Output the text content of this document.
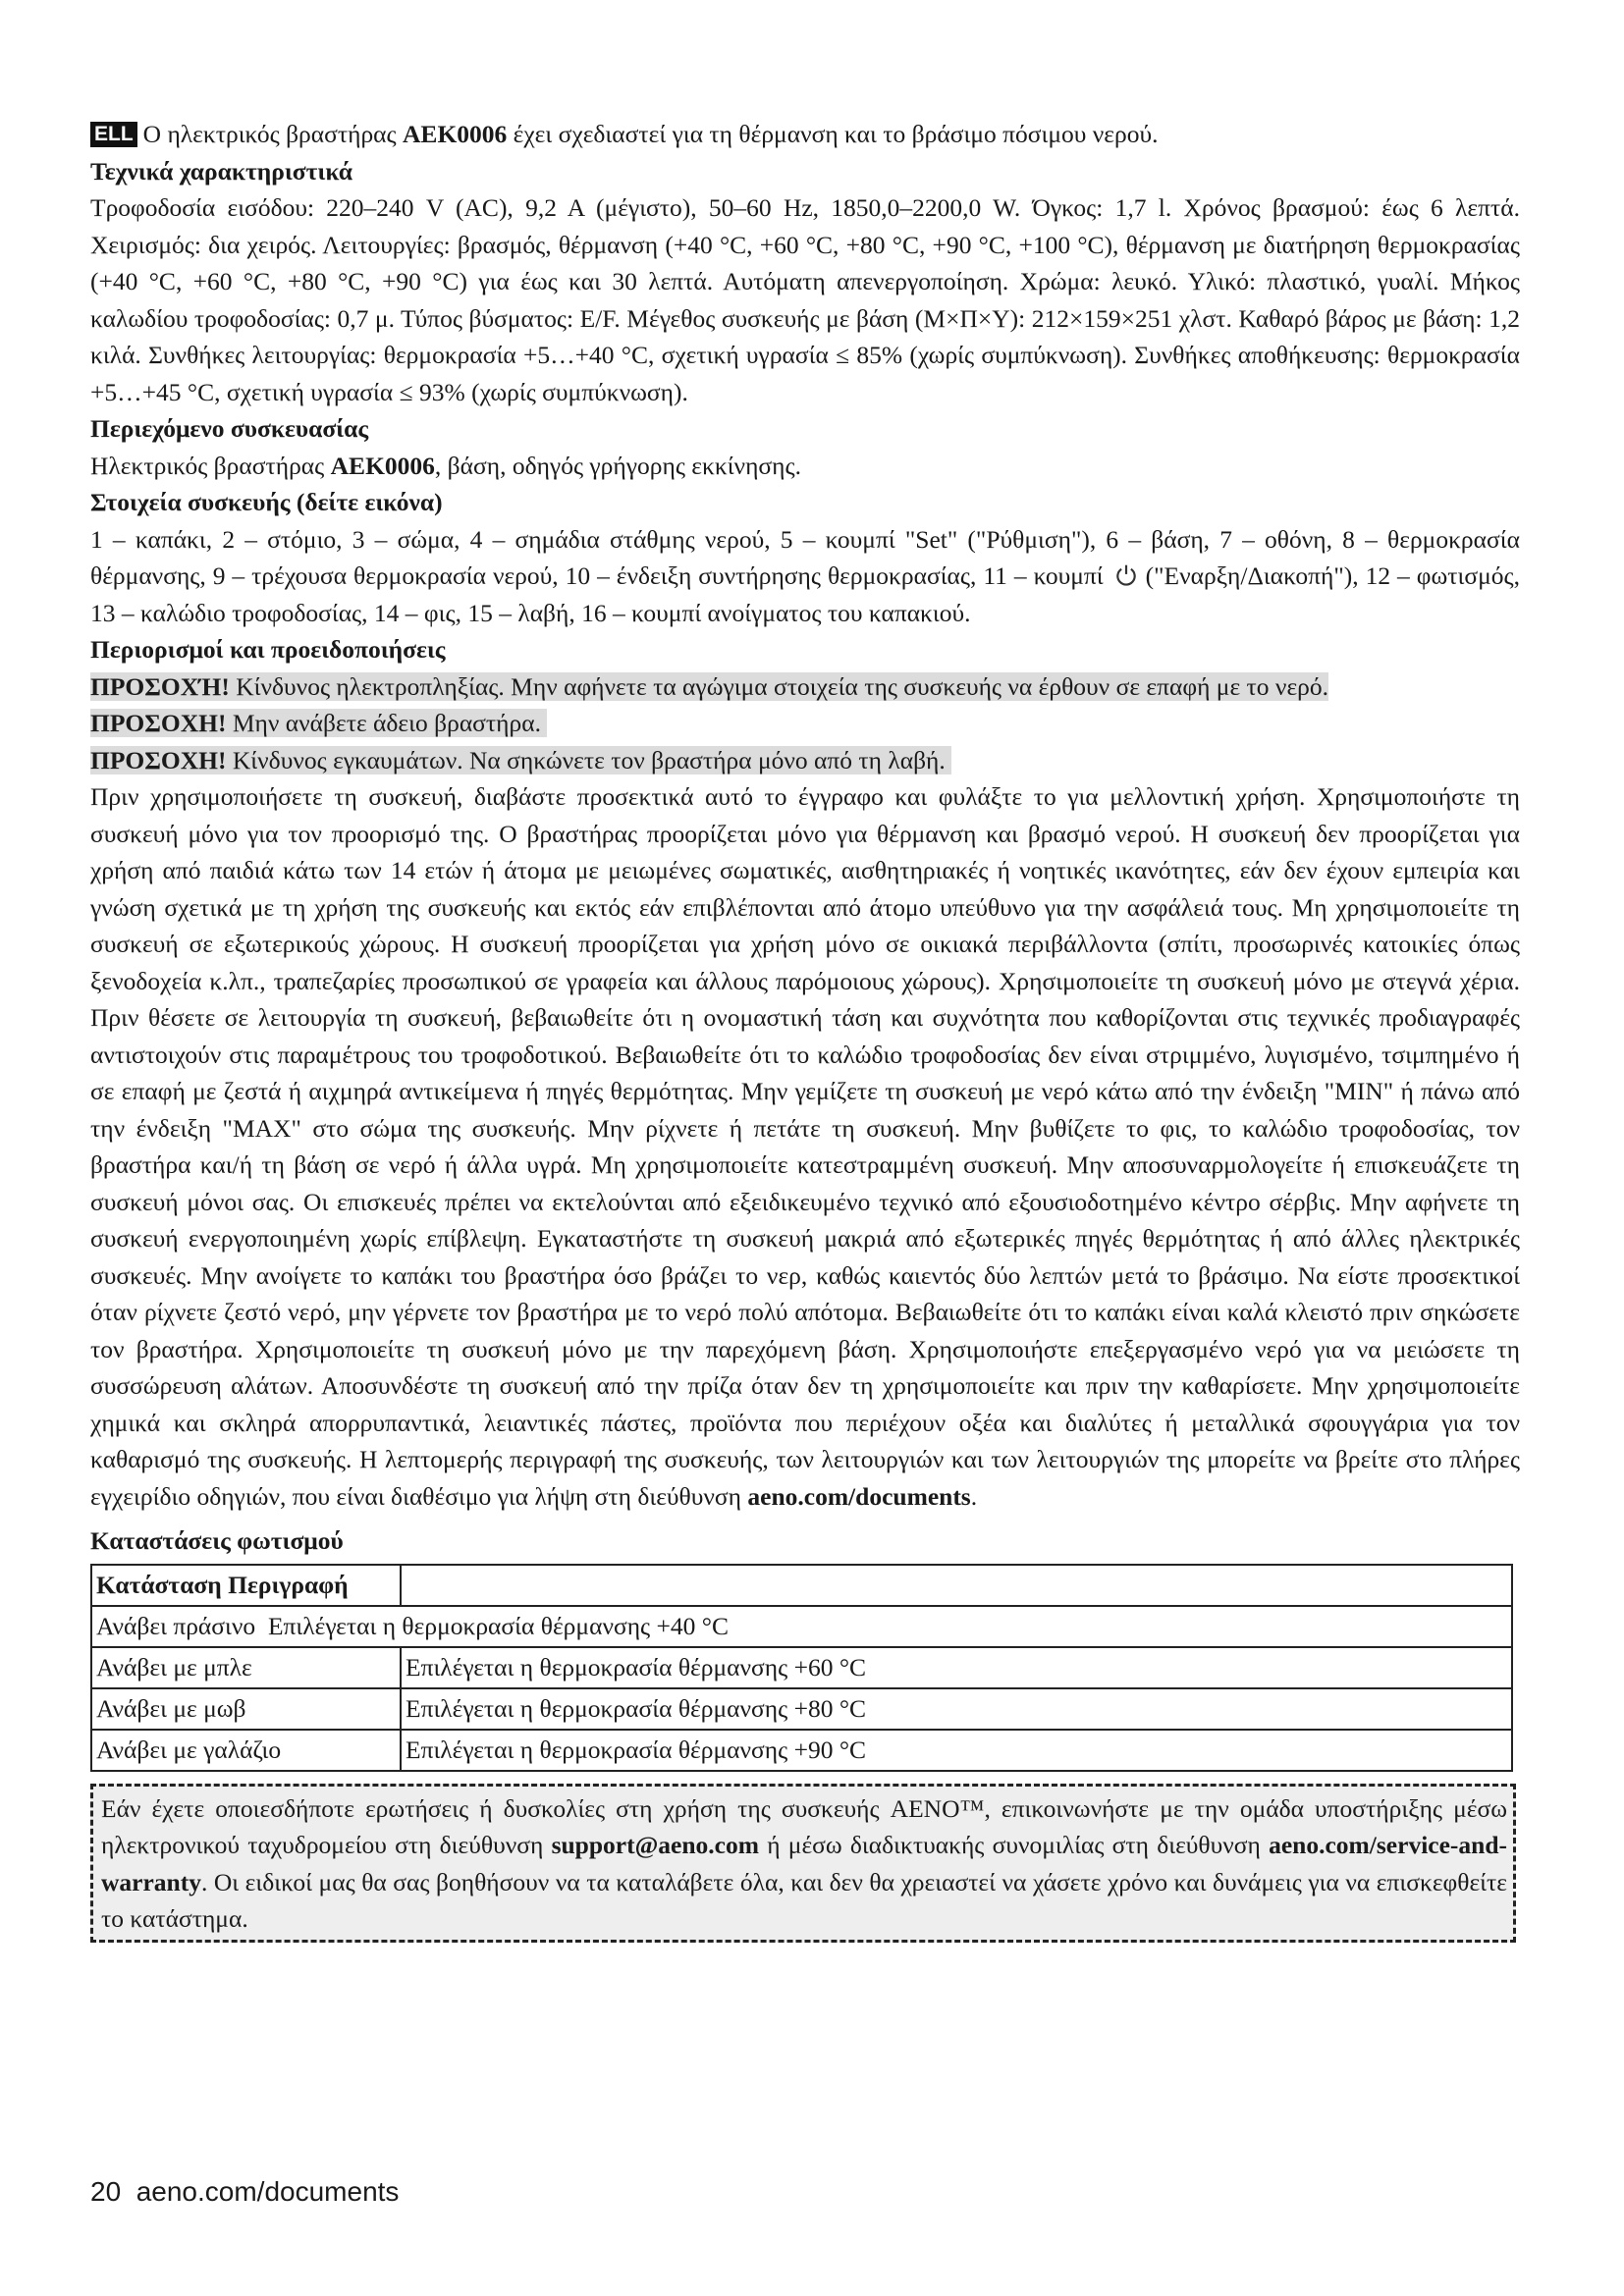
ELL Ο ηλεκτρικός βραστήρας AEK0006 έχει σχεδιαστεί για τη θέρμανση και το βράσιμο πόσιμου νερού.
Τεχνικά χαρακτηριστικά
Τροφοδοσία εισόδου: 220–240 V (AC), 9,2 A (μέγιστο), 50–60 Hz, 1850,0–2200,0 W. Όγκος: 1,7 l. Χρόνος βρασμού: έως 6 λεπτά. Χειρισμός: δια χειρός. Λειτουργίες: βρασμός, θέρμανση (+40 °C, +60 °C, +80 °C, +90 °C, +100 °C), θέρμανση με διατήρηση θερμοκρασίας (+40 °C, +60 °C, +80 °C, +90 °C) για έως και 30 λεπτά. Αυτόματη απενεργοποίηση. Χρώμα: λευκό. Υλικό: πλαστικό, γυαλί. Μήκος καλωδίου τροφοδοσίας: 0,7 μ. Τύπος βύσματος: E/F. Μέγεθος συσκευής με βάση (Μ×Π×Υ): 212×159×251 χλστ. Καθαρό βάρος με βάση: 1,2 κιλά. Συνθήκες λειτουργίας: θερμοκρασία +5…+40 °C, σχετική υγρασία ≤ 85% (χωρίς συμπύκνωση). Συνθήκες αποθήκευσης: θερμοκρασία +5…+45 °C, σχετική υγρασία ≤ 93% (χωρίς συμπύκνωση).
Περιεχόμενο συσκευασίας
Ηλεκτρικός βραστήρας AEK0006, βάση, οδηγός γρήγορης εκκίνησης.
Στοιχεία συσκευής (δείτε εικόνα)
1 – καπάκι, 2 – στόμιο, 3 – σώμα, 4 – σημάδια στάθμης νερού, 5 – κουμπί "Set" ("Ρύθμιση"), 6 – βάση, 7 – οθόνη, 8 – θερμοκρασία θέρμανσης, 9 – τρέχουσα θερμοκρασία νερού, 10 – ένδειξη συντήρησης θερμοκρασίας, 11 – κουμπί ("Εναρξη/Διακοπή"), 12 – φωτισμός, 13 – καλώδιο τροφοδοσίας, 14 – φις, 15 – λαβή, 16 – κουμπί ανοίγματος του καπακιού.
Περιορισμοί και προειδοποιήσεις
ΠΡΟΣΟΧΉ! Κίνδυνος ηλεκτροπληξίας. Μην αφήνετε τα αγώγιμα στοιχεία της συσκευής να έρθουν σε επαφή με το νερό.
ΠΡΟΣΟΧΗ! Μην ανάβετε άδειο βραστήρα.
ΠΡΟΣΟΧΗ! Κίνδυνος εγκαυμάτων. Να σηκώνετε τον βραστήρα μόνο από τη λαβή.
Πριν χρησιμοποιήσετε τη συσκευή, διαβάστε προσεκτικά αυτό το έγγραφο και φυλάξτε το για μελλοντική χρήση. Χρησιμοποιήστε τη συσκευή μόνο για τον προορισμό της. Ο βραστήρας προορίζεται μόνο για θέρμανση και βρασμό νερού. Η συσκευή δεν προορίζεται για χρήση από παιδιά κάτω των 14 ετών ή άτομα με μειωμένες σωματικές, αισθητηριακές ή νοητικές ικανότητες, εάν δεν έχουν εμπειρία και γνώση σχετικά με τη χρήση της συσκευής και εκτός εάν επιβλέπονται από άτομο υπεύθυνο για την ασφάλειά τους. Μη χρησιμοποιείτε τη συσκευή σε εξωτερικούς χώρους. Η συσκευή προορίζεται για χρήση μόνο σε οικιακά περιβάλλοντα (σπίτι, προσωρινές κατοικίες όπως ξενοδοχεία κ.λπ., τραπεζαρίες προσωπικού σε γραφεία και άλλους παρόμοιους χώρους). Χρησιμοποιείτε τη συσκευή μόνο με στεγνά χέρια. Πριν θέσετε σε λειτουργία τη συσκευή, βεβαιωθείτε ότι η ονομαστική τάση και συχνότητα που καθορίζονται στις τεχνικές προδιαγραφές αντιστοιχούν στις παραμέτρους του τροφοδοτικού. Βεβαιωθείτε ότι το καλώδιο τροφοδοσίας δεν είναι στριμμένο, λυγισμένο, τσιμπημένο ή σε επαφή με ζεστά ή αιχμηρά αντικείμενα ή πηγές θερμότητας. Μην γεμίζετε τη συσκευή με νερό κάτω από την ένδειξη "MIN" ή πάνω από την ένδειξη "MAX" στο σώμα της συσκευής. Μην ρίχνετε ή πετάτε τη συσκευή. Μην βυθίζετε το φις, το καλώδιο τροφοδοσίας, τον βραστήρα και/ή τη βάση σε νερό ή άλλα υγρά. Μη χρησιμοποιείτε κατεστραμμένη συσκευή. Μην αποσυναρμολογείτε ή επισκευάζετε τη συσκευή μόνοι σας. Οι επισκευές πρέπει να εκτελούνται από εξειδικευμένο τεχνικό από εξουσιοδοτημένο κέντρο σέρβις. Μην αφήνετε τη συσκευή ενεργοποιημένη χωρίς επίβλεψη. Εγκαταστήστε τη συσκευή μακριά από εξωτερικές πηγές θερμότητας ή από άλλες ηλεκτρικές συσκευές. Μην ανοίγετε το καπάκι του βραστήρα όσο βράζει το νερ, καθώς καιεντός δύο λεπτών μετά το βράσιμο. Να είστε προσεκτικοί όταν ρίχνετε ζεστό νερό, μην γέρνετε τον βραστήρα με το νερό πολύ απότομα. Βεβαιωθείτε ότι το καπάκι είναι καλά κλειστό πριν σηκώσετε τον βραστήρα. Χρησιμοποιείτε τη συσκευή μόνο με την παρεχόμενη βάση. Χρησιμοποιήστε επεξεργασμένο νερό για να μειώσετε τη συσσώρευση αλάτων. Αποσυνδέστε τη συσκευή από την πρίζα όταν δεν τη χρησιμοποιείτε και πριν την καθαρίσετε. Μην χρησιμοποιείτε χημικά και σκληρά απορρυπαντικά, λειαντικές πάστες, προϊόντα που περιέχουν οξέα και διαλύτες ή μεταλλικά σφουγγάρια για τον καθαρισμό της συσκευής. Η λεπτομερής περιγραφή της συσκευής, των λειτουργιών και των λειτουργιών της μπορείτε να βρείτε στο πλήρες εγχειρίδιο οδηγιών, που είναι διαθέσιμο για λήψη στη διεύθυνση aeno.com/documents.
Καταστάσεις φωτισμού
Κατάσταση Περιγραφή	
Ανάβει πράσινο Επιλέγεται η θερμοκρασία θέρμανσης +40 °C	
Ανάβει με μπλε	Επιλέγεται η θερμοκρασία θέρμανσης +60 °C
Ανάβει με μωβ	Επιλέγεται η θερμοκρασία θέρμανσης +80 °C
Ανάβει με γαλάζιο	Επιλέγεται η θερμοκρασία θέρμανσης +90 °C
Εάν έχετε οποιεσδήποτε ερωτήσεις ή δυσκολίες στη χρήση της συσκευής AENO™, επικοινωνήστε με την ομάδα υποστήριξης μέσω ηλεκτρονικού ταχυδρομείου στη διεύθυνση support@aeno.com ή μέσω διαδικτυακής συνομιλίας στη διεύθυνση aeno.com/service-and-warranty. Οι ειδικοί μας θα σας βοηθήσουν να τα καταλάβετε όλα, και δεν θα χρειαστεί να χάσετε χρόνο και δυνάμεις για να επισκεφθείτε το κατάστημα.
20 aeno.com/documents
